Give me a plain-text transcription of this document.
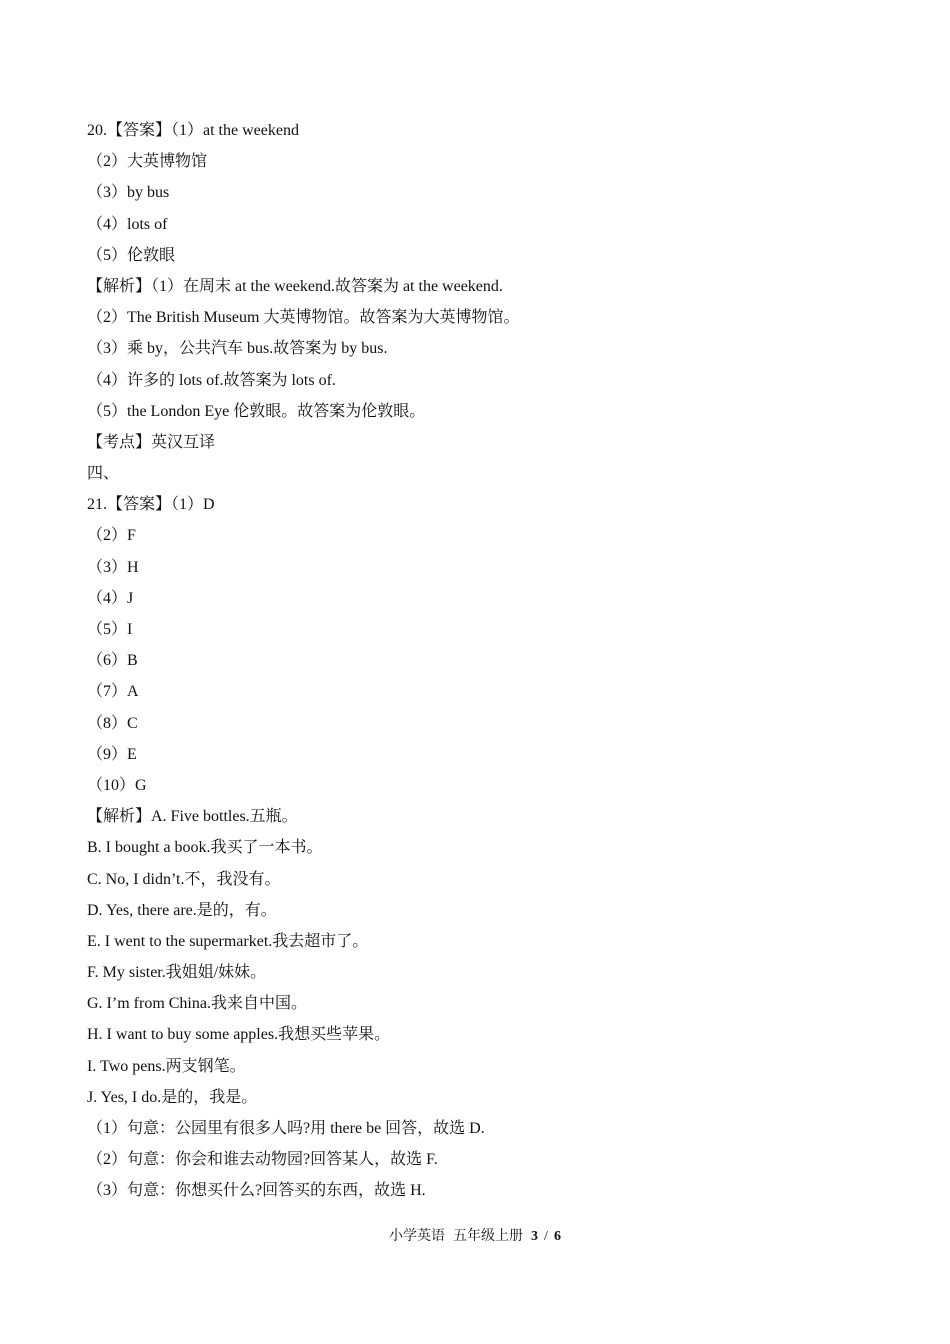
20.【答案】（1）at the weekend
（2）大英博物馆
（3）by bus
（4）lots of
（5）伦敦眼
【解析】（1）在周末 at the weekend.故答案为 at the weekend.
（2）The British Museum 大英博物馆。故答案为大英博物馆。
（3）乘 by，公共汽车 bus.故答案为 by bus.
（4）许多的 lots of.故答案为 lots of.
（5）the London Eye 伦敦眼。故答案为伦敦眼。
【考点】英汉互译
四、
21.【答案】（1）D
（2）F
（3）H
（4）J
（5）I
（6）B
（7）A
（8）C
（9）E
（10）G
【解析】A. Five bottles.五瓶。
B. I bought a book.我买了一本书。
C. No, I didn’t.不，我没有。
D. Yes, there are.是的，有。
E. I went to the supermarket.我去超市了。
F. My sister.我姐姐/妹妹。
G. I’m from China.我来自中国。
H. I want to buy some apples.我想买些苹果。
I. Two pens.两支钢笔。
J. Yes, I do.是的，我是。
（1）句意：公园里有很多人吗?用 there be 回答，故选 D.
（2）句意：你会和谁去动物园?回答某人，故选 F.
（3）句意：你想买什么?回答买的东西，故选 H.
小学英语 五年级上册 3 / 6
